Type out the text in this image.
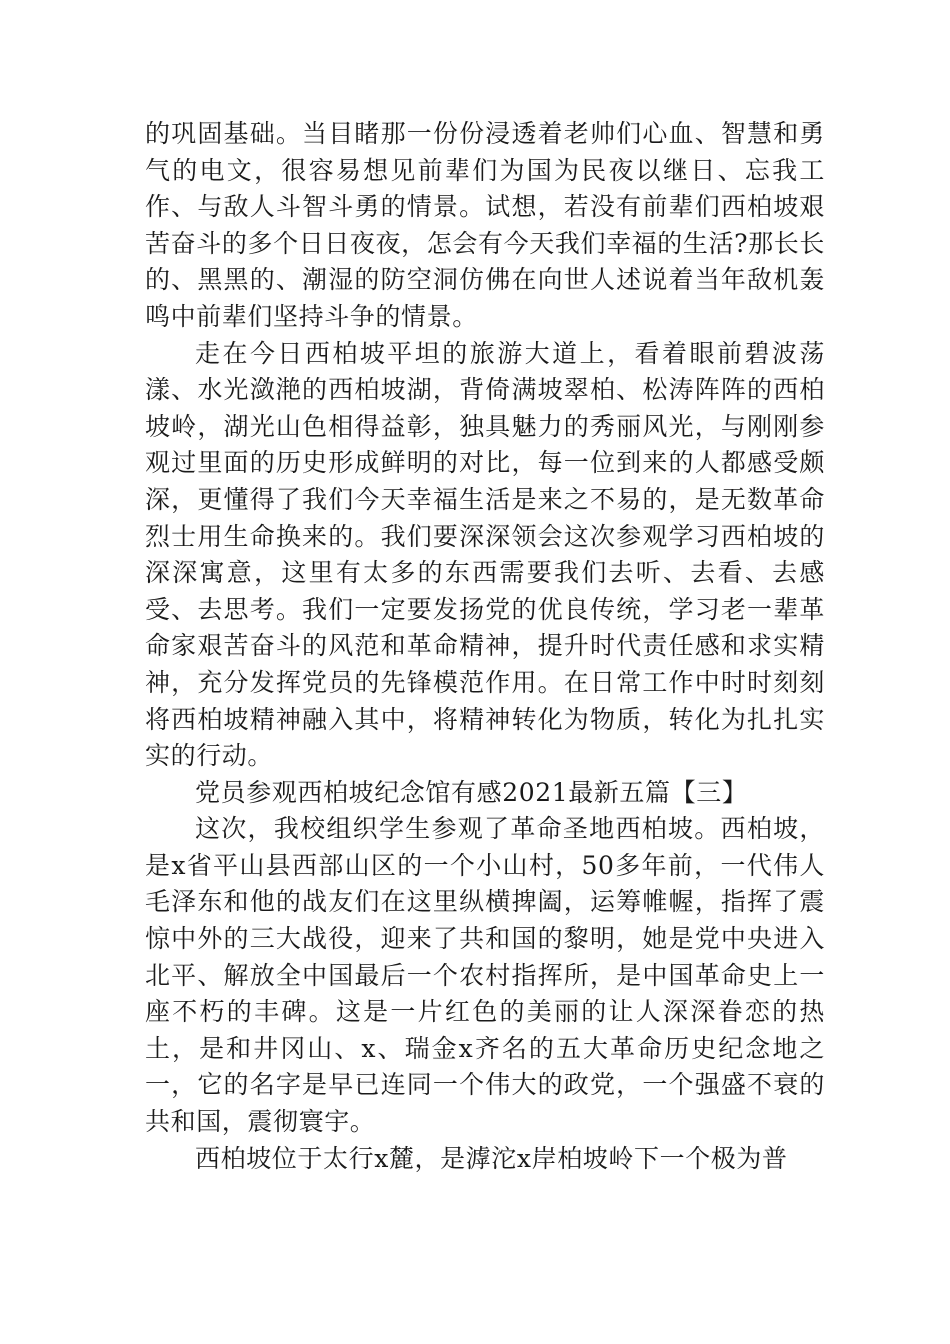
的巩固基础。当目睹那一份份浸透着老帅们心血、智慧和勇气的电文，很容易想见前辈们为国为民夜以继日、忘我工作、与敌人斗智斗勇的情景。试想，若没有前辈们西柏坡艰苦奋斗的多个日日夜夜，怎会有今天我们幸福的生活?那长长的、黑黑的、潮湿的防空洞仿佛在向世人述说着当年敌机轰鸣中前辈们坚持斗争的情景。

走在今日西柏坡平坦的旅游大道上，看着眼前碧波荡漾、水光潋滟的西柏坡湖，背倚满坡翠柏、松涛阵阵的西柏坡岭，湖光山色相得益彰，独具魅力的秀丽风光，与刚刚参观过里面的历史形成鲜明的对比，每一位到来的人都感受颇深，更懂得了我们今天幸福生活是来之不易的，是无数革命烈士用生命换来的。我们要深深领会这次参观学习西柏坡的深深寓意，这里有太多的东西需要我们去听、去看、去感受、去思考。我们一定要发扬党的优良传统，学习老一辈革命家艰苦奋斗的风范和革命精神，提升时代责任感和求实精神，充分发挥党员的先锋模范作用。在日常工作中时时刻刻将西柏坡精神融入其中，将精神转化为物质，转化为扎扎实实的行动。

党员参观西柏坡纪念馆有感2021最新五篇【三】

这次，我校组织学生参观了革命圣地西柏坡。西柏坡，是x省平山县西部山区的一个小山村，50多年前，一代伟人毛泽东和他的战友们在这里纵横捭阖，运筹帷幄，指挥了震惊中外的三大战役，迎来了共和国的黎明，她是党中央进入北平、解放全中国最后一个农村指挥所，是中国革命史上一座不朽的丰碑。这是一片红色的美丽的让人深深眷恋的热土，是和井冈山、x、瑞金x齐名的五大革命历史纪念地之一，它的名字是早已连同一个伟大的政党，一个强盛不衰的共和国，震彻寰宇。

西柏坡位于太行x麓，是滹沱x岸柏坡岭下一个极为普
